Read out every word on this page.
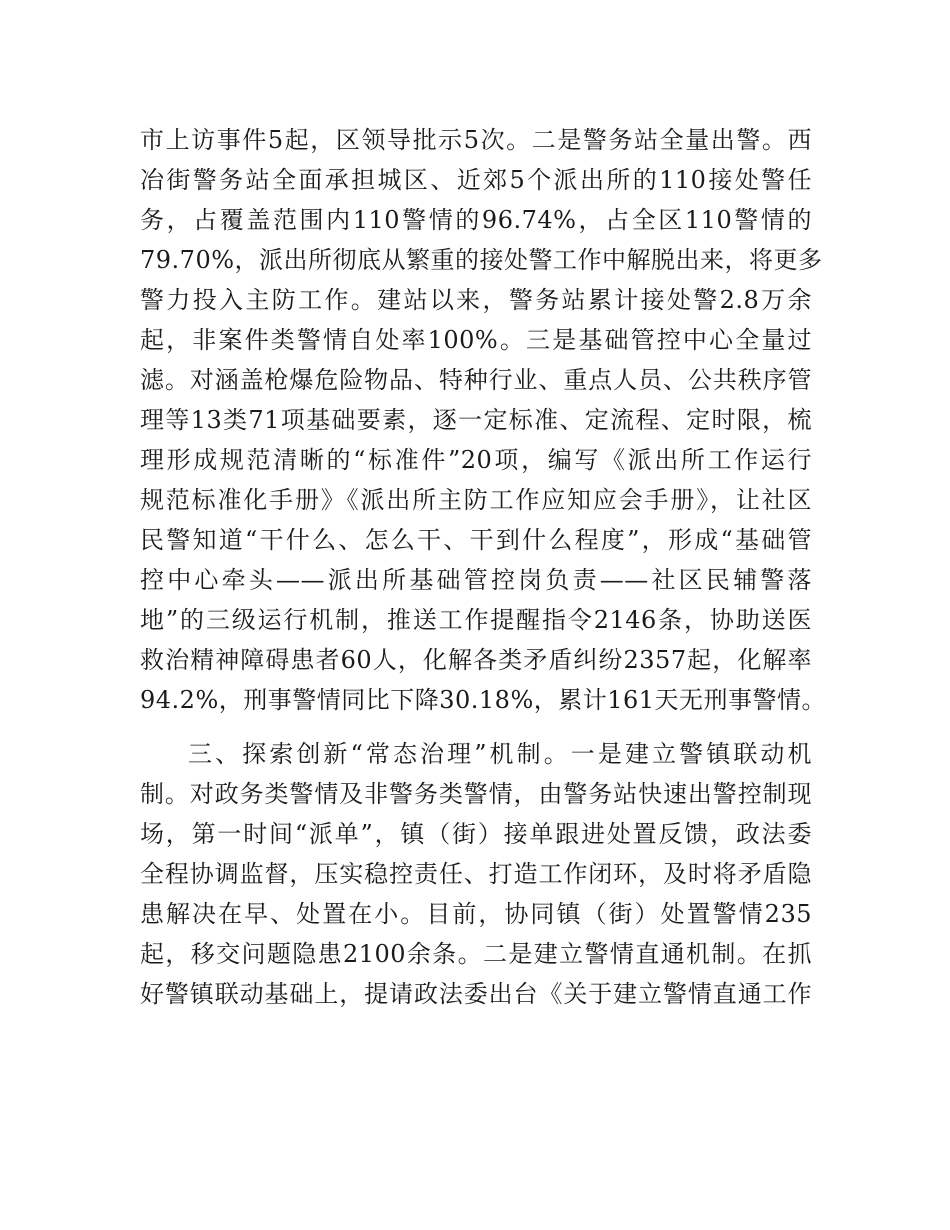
市上访事件5起，区领导批示5次。二是警务站全量出警。西
冶街警务站全面承担城区、近郊5个派出所的110接处警任
务，占覆盖范围内110警情的96.74%，占全区110警情的
79.70%，派出所彻底从繁重的接处警工作中解脱出来，将更多
警力投入主防工作。建站以来，警务站累计接处警2.8万余
起，非案件类警情自处率100%。三是基础管控中心全量过
滤。对涵盖枪爆危险物品、特种行业、重点人员、公共秩序管
理等13类71项基础要素，逐一定标准、定流程、定时限，梳
理形成规范清晰的“标准件”20项，编写《派出所工作运行
规范标准化手册》《派出所主防工作应知应会手册》，让社区
民警知道“干什么、怎么干、干到什么程度”，形成“基础管
控中心牵头——派出所基础管控岗负责——社区民辅警落
地”的三级运行机制，推送工作提醒指令2146条，协助送医
救治精神障碍患者60人，化解各类矛盾纠纷2357起，化解率
94.2%，刑事警情同比下降30.18%，累计161天无刑事警情。
三、探索创新“常态治理”机制。一是建立警镇联动机
制。对政务类警情及非警务类警情，由警务站快速出警控制现
场，第一时间“派单”，镇（街）接单跟进处置反馈，政法委
全程协调监督，压实稳控责任、打造工作闭环，及时将矛盾隐
患解决在早、处置在小。目前，协同镇（街）处置警情235
起，移交问题隐患2100余条。二是建立警情直通机制。在抓
好警镇联动基础上，提请政法委出台《关于建立警情直通工作
